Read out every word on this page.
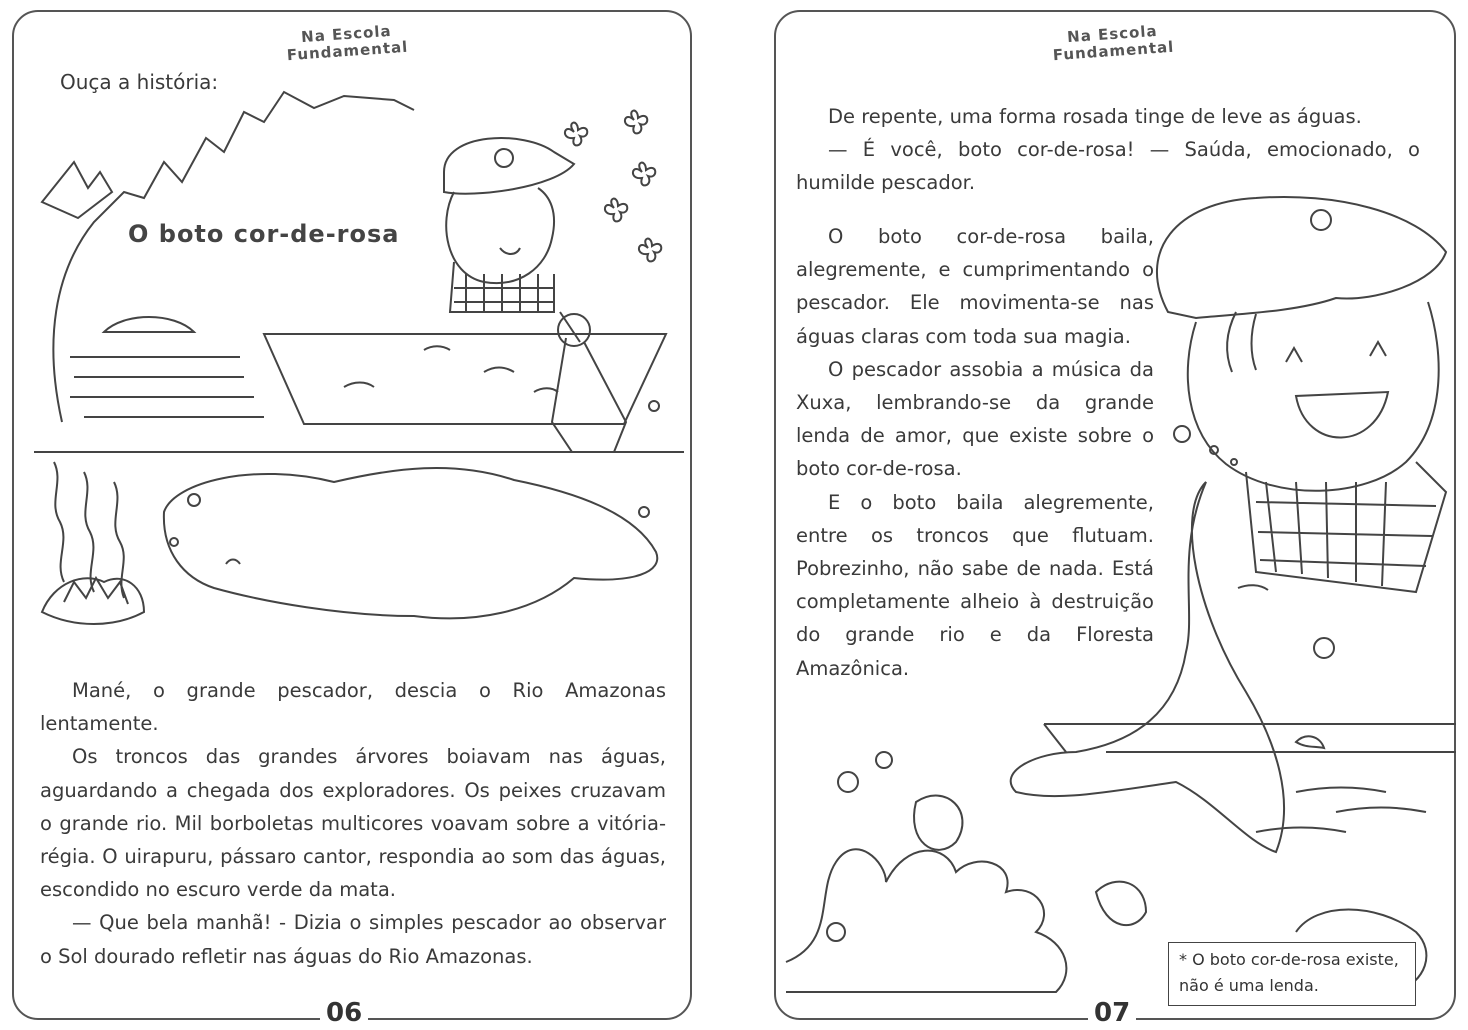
Na Escola Fundamental
Ouça a história:
O boto cor-de-rosa

Mané, o grande pescador, descia o Rio Amazonas lentamente.

Os troncos das grandes árvores boiavam nas águas, aguardando a chegada dos exploradores. Os peixes cruzavam o grande rio. Mil borboletas multicores voavam sobre a vitória-régia. O uirapuru, pássaro cantor, respondia ao som das águas, escondido no escuro verde da mata.

— Que bela manhã! - Dizia o simples pescador ao observar o Sol dourado refletir nas águas do Rio Amazonas.

06
Na Escola Fundamental

De repente, uma forma rosada tinge de leve as águas.

— É você, boto cor-de-rosa! — Saúda, emocionado, o humilde pescador.

O boto cor-de-rosa baila, alegremente, e cumprimentando o pescador. Ele movimenta-se nas águas claras com toda sua magia.

O pescador assobia a música da Xuxa, lembrando-se da grande lenda de amor, que existe sobre o boto cor-de-rosa.

E o boto baila alegremente, entre os troncos que flutuam. Pobrezinho, não sabe de nada. Está completamente alheio à destruição do grande rio e da Floresta Amazônica.

* O boto cor-de-rosa existe, não é uma lenda.
07
